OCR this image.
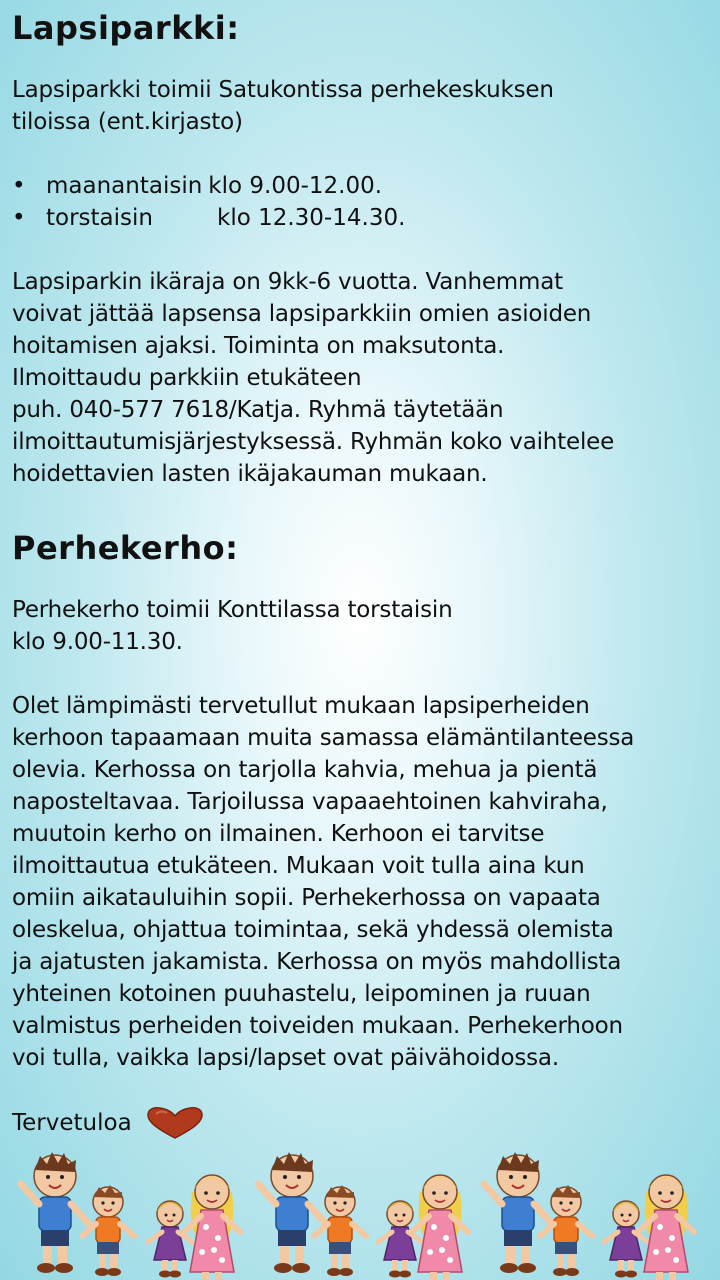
Lapsiparkki:

Lapsiparkki toimii Satukontissa perhekeskuksen

tiloissa (ent.kirjasto)

• maanantaisin klo 9.00-12.00.
• torstaisin	klo 12.30-14.30.

Lapsiparkin ikäraja on 9kk-6 vuotta. Vanhemmat

voivat jättää lapsensa lapsiparkkiin omien asioiden

hoitamisen ajaksi. Toiminta on maksutonta.

Ilmoittaudu parkkiin etukäteen

puh. 040-577 7618/Katja. Ryhmä täytetään

ilmoittautumisjärjestyksessä. Ryhmän koko vaihtelee

hoidettavien lasten ikäjakauman mukaan.

Perhekerho:

Perhekerho toimii Konttilassa torstaisin

klo 9.00-11.30.

Olet lämpimästi tervetullut mukaan lapsiperheiden

kerhoon tapaamaan muita samassa elämäntilanteessa

olevia. Kerhossa on tarjolla kahvia, mehua ja pientä

naposteltavaa. Tarjoilussa vapaaehtoinen kahviraha,

muutoin kerho on ilmainen. Kerhoon ei tarvitse

ilmoittautua etukäteen. Mukaan voit tulla aina kun

omiin aikatauluihin sopii. Perhekerhossa on vapaata

oleskelua, ohjattua toimintaa, sekä yhdessä olemista

ja ajatusten jakamista. Kerhossa on myös mahdollista

yhteinen kotoinen puuhastelu, leipominen ja ruuan

valmistus perheiden toiveiden mukaan. Perhekerhoon

voi tulla, vaikka lapsi/lapset ovat päivähoidossa.

Tervetuloa
